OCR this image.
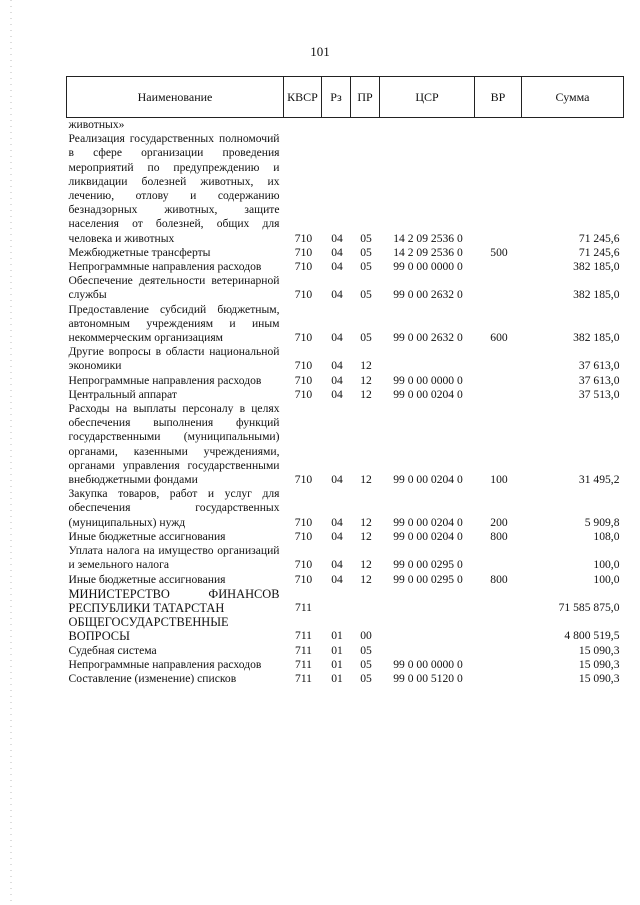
101
Наименование	КВСР	Рз	ПР	ЦСР	ВР	Сумма
животных»						
Реализация государственных полномочий в сфере организации проведения мероприятий по предупреждению и ликвидации болезней животных, их лечению, отлову и содержанию безнадзорных животных, защите населения от болезней, общих для человека и животных	710	04	05	14 2 09 2536 0		71 245,6
Межбюджетные трансферты	710	04	05	14 2 09 2536 0	500	71 245,6
Непрограммные направления расходов	710	04	05	99 0 00 0000 0		382 185,0
Обеспечение деятельности ветеринарной службы	710	04	05	99 0 00 2632 0		382 185,0
Предоставление субсидий бюджетным, автономным учреждениям и иным некоммерческим организациям	710	04	05	99 0 00 2632 0	600	382 185,0
Другие вопросы в области национальной экономики	710	04	12			37 613,0
Непрограммные направления расходов	710	04	12	99 0 00 0000 0		37 613,0
Центральный аппарат	710	04	12	99 0 00 0204 0		37 513,0
Расходы на выплаты персоналу в целях обеспечения выполнения функций государственными (муниципальными) органами, казенными учреждениями, органами управления государственными внебюджетными фондами	710	04	12	99 0 00 0204 0	100	31 495,2
Закупка товаров, работ и услуг для обеспечения государственных (муниципальных) нужд	710	04	12	99 0 00 0204 0	200	5 909,8
Иные бюджетные ассигнования	710	04	12	99 0 00 0204 0	800	108,0
Уплата налога на имущество организаций и земельного налога	710	04	12	99 0 00 0295 0		100,0
Иные бюджетные ассигнования	710	04	12	99 0 00 0295 0	800	100,0
МИНИСТЕРСТВО ФИНАНСОВ РЕСПУБЛИКИ ТАТАРСТАН	711					71 585 875,0
ОБЩЕГОСУДАРСТВЕННЫЕ ВОПРОСЫ	711	01	00			4 800 519,5
Судебная система	711	01	05			15 090,3
Непрограммные направления расходов	711	01	05	99 0 00 0000 0		15 090,3
Составление (изменение) списков	711	01	05	99 0 00 5120 0		15 090,3
